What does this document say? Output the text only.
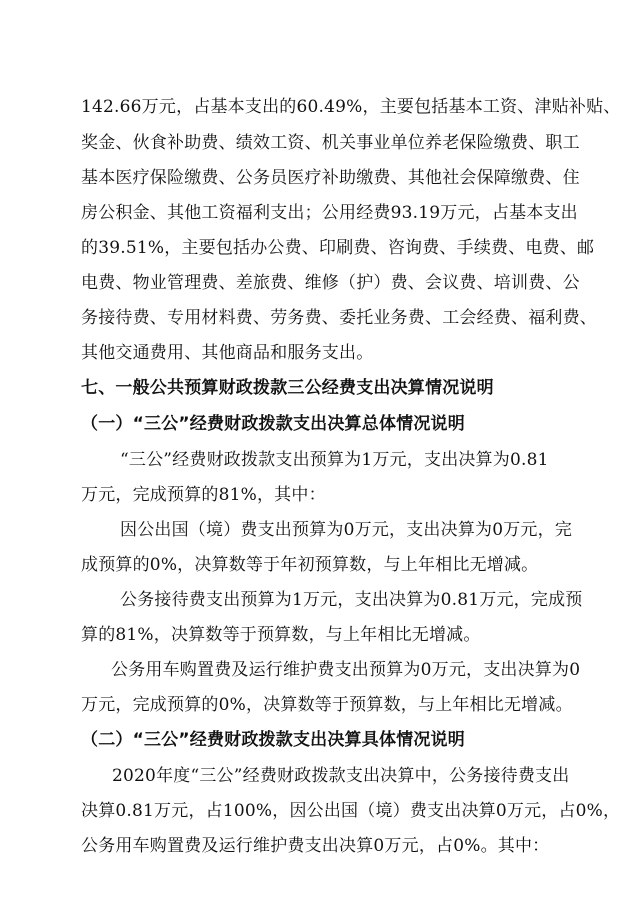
142.66万元，占基本支出的60.49%，主要包括基本工资、津贴补贴、
奖金、伙食补助费、绩效工资、机关事业单位养老保险缴费、职工
基本医疗保险缴费、公务员医疗补助缴费、其他社会保障缴费、住
房公积金、其他工资福利支出；公用经费93.19万元，占基本支出
的39.51%，主要包括办公费、印刷费、咨询费、手续费、电费、邮
电费、物业管理费、差旅费、维修（护）费、会议费、培训费、公
务接待费、专用材料费、劳务费、委托业务费、工会经费、福利费、
其他交通费用、其他商品和服务支出。
七、一般公共预算财政拨款三公经费支出决算情况说明
（一）“三公”经费财政拨款支出决算总体情况说明
“三公”经费财政拨款支出预算为1万元，支出决算为0.81
万元，完成预算的81%，其中：
因公出国（境）费支出预算为0万元，支出决算为0万元，完
成预算的0%，决算数等于年初预算数，与上年相比无增减。
公务接待费支出预算为1万元，支出决算为0.81万元，完成预
算的81%，决算数等于预算数，与上年相比无增减。
公务用车购置费及运行维护费支出预算为0万元，支出决算为0
万元，完成预算的0%，决算数等于预算数，与上年相比无增减。
（二）“三公”经费财政拨款支出决算具体情况说明
2020年度“三公”经费财政拨款支出决算中，公务接待费支出
决算0.81万元，占100%，因公出国（境）费支出决算0万元，占0%，
公务用车购置费及运行维护费支出决算0万元，占0%。其中：
